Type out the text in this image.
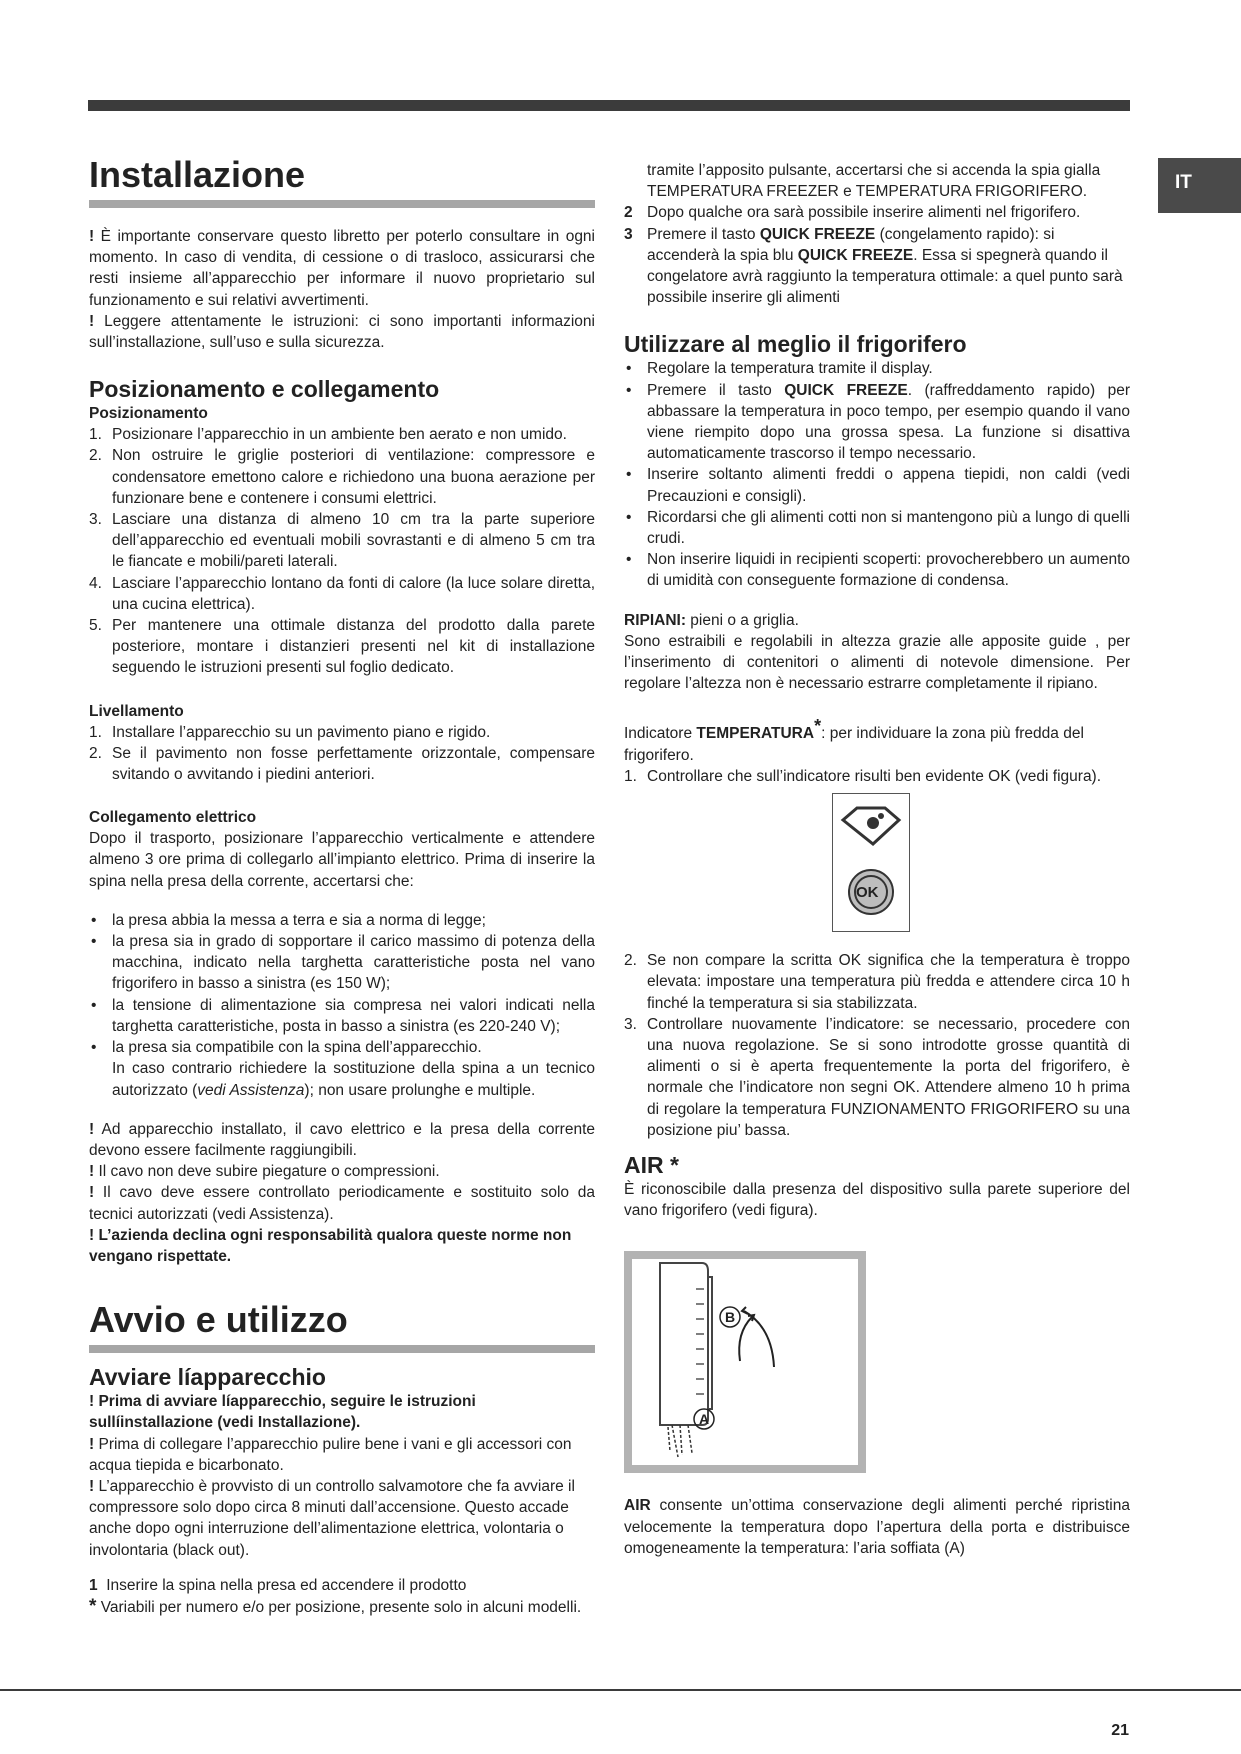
IT
Installazione

! È importante conservare questo libretto per poterlo consultare in ogni momento. In caso di vendita, di cessione o di trasloco, assicurarsi che resti insieme all’apparecchio per informare il nuovo proprietario sul funzionamento e sui relativi avvertimenti.

! Leggere attentamente le istruzioni: ci sono importanti informazioni sull’installazione, sull’uso e sulla sicurezza.

Posizionamento e collegamento
Posizionamento
1. Posizionare l’apparecchio in un ambiente ben aerato e non umido.
2. Non ostruire le griglie posteriori di ventilazione: compressore e condensatore emettono calore e richiedono una buona aerazione per funzionare bene e contenere i consumi elettrici.
3. Lasciare una distanza di almeno 10 cm tra la parte superiore dell’apparecchio ed eventuali mobili sovrastanti e di almeno 5 cm tra le fiancate e mobili/pareti laterali.
4. Lasciare l’apparecchio lontano da fonti di calore (la luce solare diretta, una cucina elettrica).
5. Per mantenere una ottimale distanza del prodotto dalla parete posteriore, montare i distanzieri presenti nel kit di installazione seguendo le istruzioni presenti sul foglio dedicato.
Livellamento
1. Installare l’apparecchio su un pavimento piano e rigido.
2. Se il pavimento non fosse perfettamente orizzontale, compensare svitando o avvitando i piedini anteriori.
Collegamento elettrico

Dopo il trasporto, posizionare l’apparecchio verticalmente e attendere almeno 3 ore prima di collegarlo all’impianto elettrico. Prima di inserire la spina nella presa della corrente, accertarsi che:

• la presa abbia la messa a terra e sia a norma di legge;
• la presa sia in grado di sopportare il carico massimo di potenza della macchina, indicato nella targhetta caratteristiche posta nel vano frigorifero in basso a sinistra (es 150 W);
• la tensione di alimentazione sia compresa nei valori indicati nella targhetta caratteristiche, posta in basso a sinistra (es 220-240 V);
• la presa sia compatibile con la spina dell’apparecchio.

In caso contrario richiedere la sostituzione della spina a un tecnico autorizzato (vedi Assistenza); non usare prolunghe e multiple.

! Ad apparecchio installato, il cavo elettrico e la presa della corrente devono essere facilmente raggiungibili.

! Il cavo non deve subire piegature o compressioni.

! Il cavo deve essere controllato periodicamente e sostituito solo da tecnici autorizzati (vedi Assistenza).

! L’azienda declina ogni responsabilità qualora queste norme non vengano rispettate.

Avvio e utilizzo
Avviare líapparecchio

! Prima di avviare líapparecchio, seguire le istruzioni sullíinstallazione (vedi Installazione).

! Prima di collegare l’apparecchio pulire bene i vani e gli accessori con acqua tiepida e bicarbonato.

! L’apparecchio è provvisto di un controllo salvamotore che fa avviare il compressore solo dopo circa 8 minuti dall’accensione. Questo accade anche dopo ogni interruzione dell’alimentazione elettrica, volontaria o involontaria (black out).

1 Inserire la spina nella presa ed accendere il prodotto

* Variabili per numero e/o per posizione, presente solo in alcuni modelli.

tramite l’apposito pulsante, accertarsi che si accenda la spia gialla TEMPERATURA FREEZER e TEMPERATURA FRIGORIFERO.

2 Dopo qualche ora sarà possibile inserire alimenti nel frigorifero.
3 Premere il tasto QUICK FREEZE (congelamento rapido): si accenderà la spia blu QUICK FREEZE. Essa si spegnerà quando il congelatore avrà raggiunto la temperatura ottimale: a quel punto sarà possibile inserire gli alimenti
Utilizzare al meglio il frigorifero
• Regolare la temperatura tramite il display.
• Premere il tasto QUICK FREEZE. (raffreddamento rapido) per abbassare la temperatura in poco tempo, per esempio quando il vano viene riempito dopo una grossa spesa. La funzione si disattiva automaticamente trascorso il tempo necessario.
• Inserire soltanto alimenti freddi o appena tiepidi, non caldi (vedi Precauzioni e consigli).
• Ricordarsi che gli alimenti cotti non si mantengono più a lungo di quelli crudi.
• Non inserire liquidi in recipienti scoperti: provocherebbero un aumento di umidità con conseguente formazione di condensa.

RIPIANI: pieni o a griglia.

Sono estraibili e regolabili in altezza grazie alle apposite guide , per l’inserimento di contenitori o alimenti di notevole dimensione. Per regolare l’altezza non è necessario estrarre completamente il ripiano.

Indicatore TEMPERATURA*: per individuare la zona più fredda del frigorifero.

1. Controllare che sull’indicatore risulti ben evidente OK (vedi figura).
OK
2. Se non compare la scritta OK significa che la temperatura è troppo elevata: impostare una temperatura più fredda e attendere circa 10 h finché la temperatura si sia stabilizzata.
3. Controllare nuovamente l’indicatore: se necessario, procedere con una nuova regolazione. Se si sono introdotte grosse quantità di alimenti o si è aperta frequentemente la porta del frigorifero, è normale che l’indicatore non segni OK. Attendere almeno 10 h prima di regolare la temperatura FUNZIONAMENTO FRIGORIFERO su una posizione piu’ bassa.
AIR *

È riconoscibile dalla presenza del dispositivo sulla parete superiore del vano frigorifero (vedi figura).

B
A

AIR consente un’ottima conservazione degli alimenti perché ripristina velocemente la temperatura dopo l’apertura della porta e distribuisce omogeneamente la temperatura: l’aria soffiata (A)

21
